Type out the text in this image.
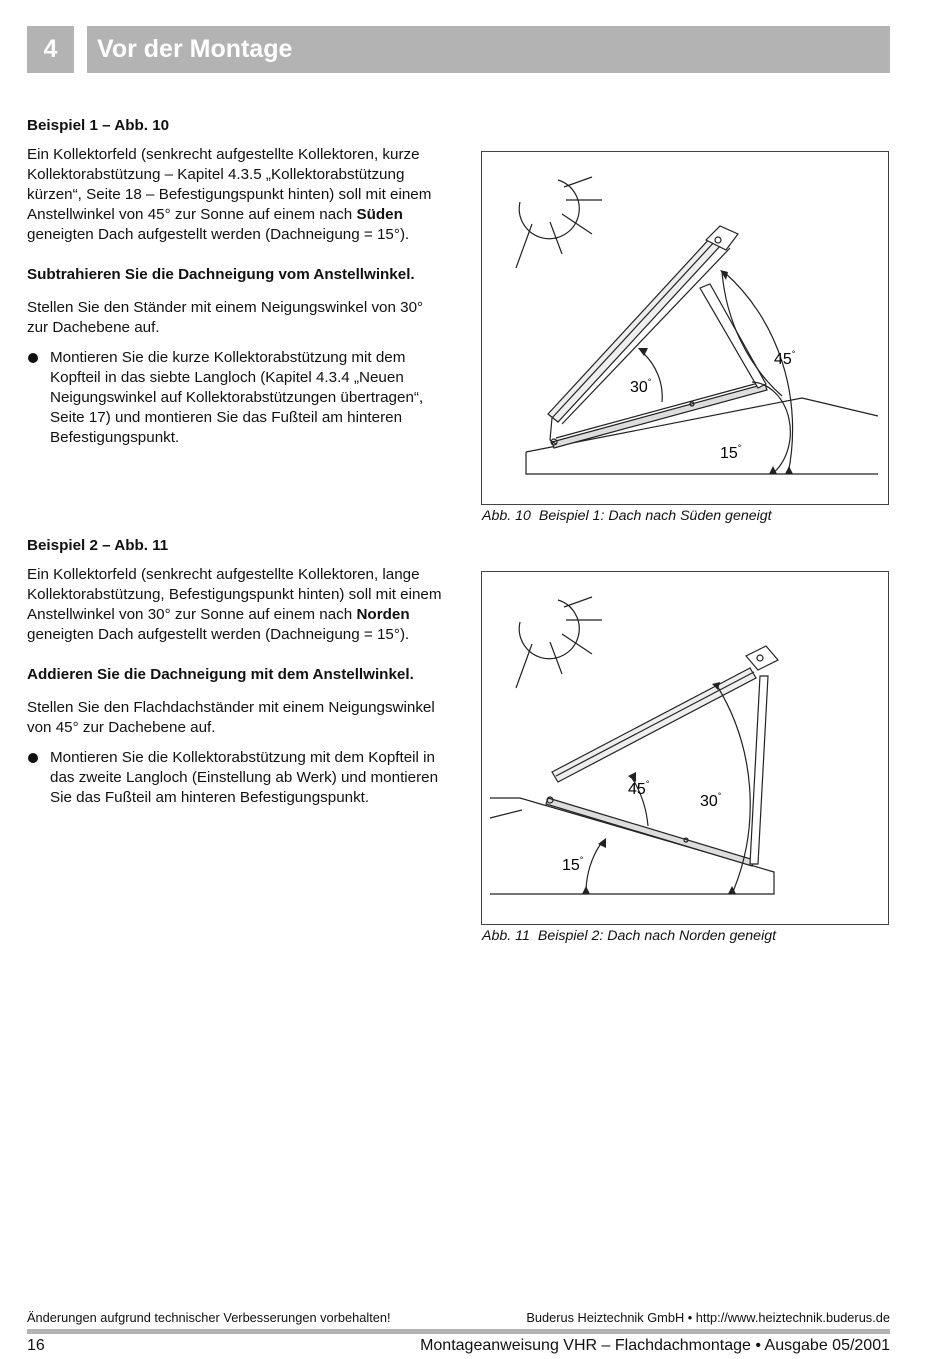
4	Vor der Montage

Beispiel 1 – Abb. 10

Ein Kollektorfeld (senkrecht aufgestellte Kollektoren, kurze Kollektorabstützung – Kapitel 4.3.5 „Kollektorabstützung kürzen“, Seite 18 – Befestigungspunkt hinten) soll mit einem Anstellwinkel von 45° zur Sonne auf einem nach Süden geneigten Dach aufgestellt werden (Dachneigung = 15°).

Subtrahieren Sie die Dachneigung vom Anstellwinkel.

Stellen Sie den Ständer mit einem Neigungswinkel von 30° zur Dachebene auf.

Montieren Sie die kurze Kollektorabstützung mit dem Kopfteil in das siebte Langloch (Kapitel 4.3.4 „Neuen Neigungswinkel auf Kollektorabstützungen übertragen“, Seite 17) und montieren Sie das Fußteil am hinteren Befestigungspunkt.

Beispiel 2 – Abb. 11

Ein Kollektorfeld (senkrecht aufgestellte Kollektoren, lange Kollektorabstützung, Befestigungspunkt hinten) soll mit einem Anstellwinkel von 30° zur Sonne auf einem nach Norden geneigten Dach aufgestellt werden (Dachneigung = 15°).

Addieren Sie die Dachneigung mit dem Anstellwinkel.

Stellen Sie den Flachdachständer mit einem Neigungswinkel von 45° zur Dachebene auf.

Montieren Sie die Kollektorabstützung mit dem Kopfteil in das zweite Langloch (Einstellung ab Werk) und montieren Sie das Fußteil am hinteren Befestigungspunkt.

30°
45°
15°
Abb. 10 Beispiel 1: Dach nach Süden geneigt
45°
30°
15°
Abb. 11 Beispiel 2: Dach nach Norden geneigt
Änderungen aufgrund technischer Verbesserungen vorbehalten!	Buderus Heiztechnik GmbH • http://www.heiztechnik.buderus.de
16	Montageanweisung VHR – Flachdachmontage • Ausgabe 05/2001
